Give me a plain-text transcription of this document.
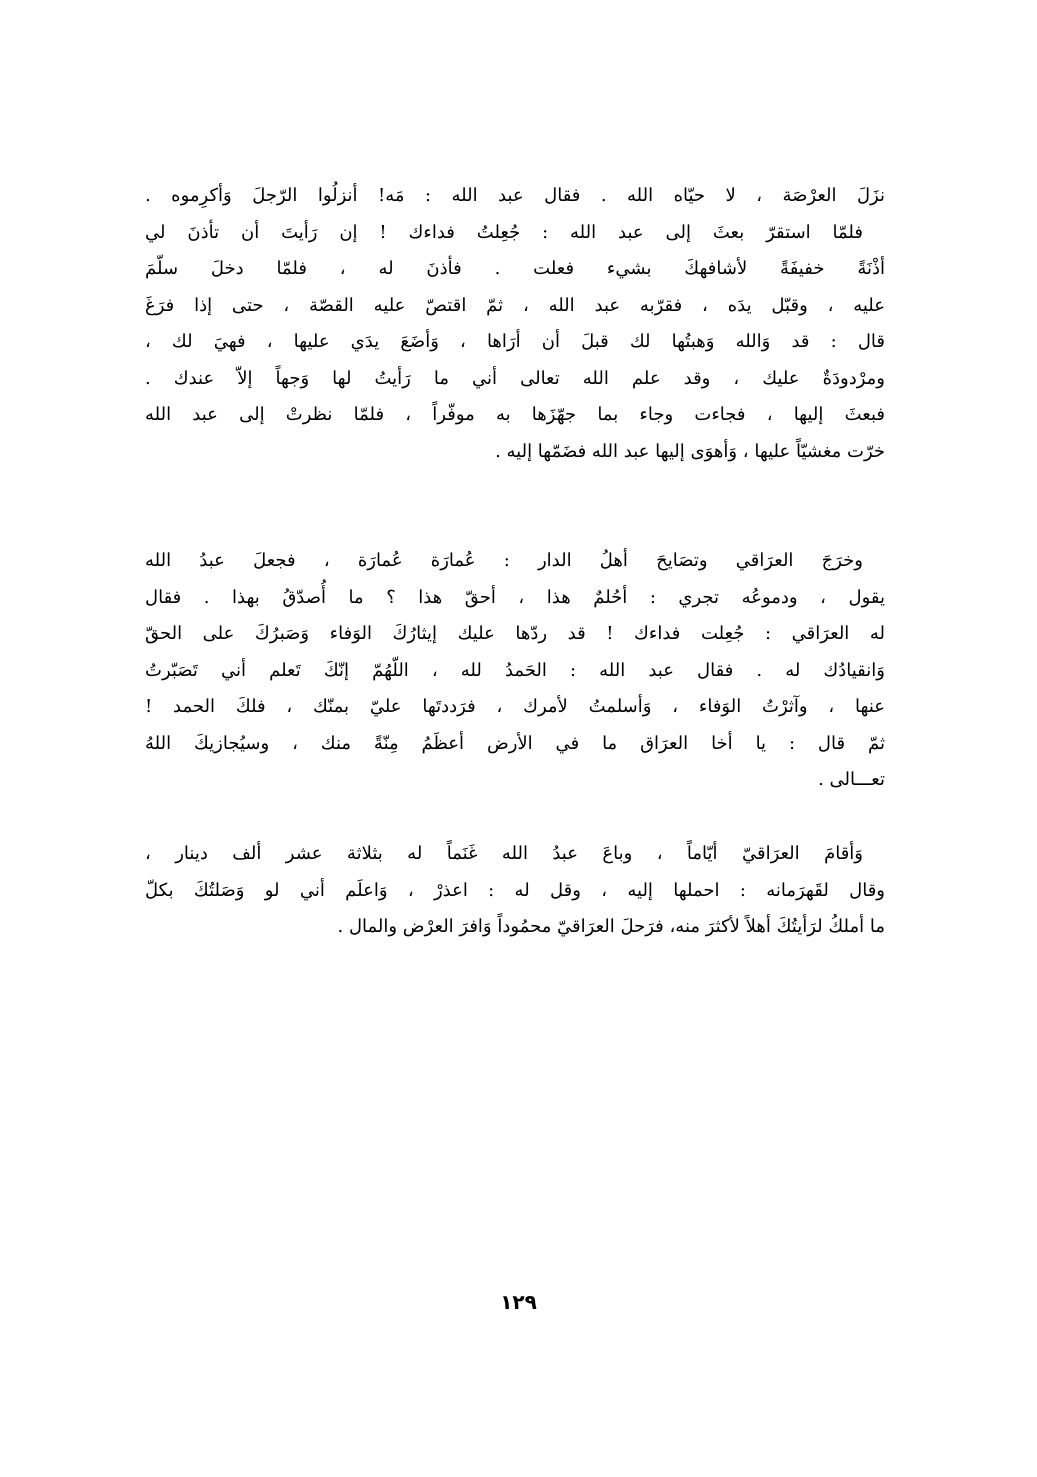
نزَلَ العرْصَة ، لا حيّاه الله . فقال عبد الله : مَه! أنزلُوا الرّجلَ وَأكرِموه .
فلمّا استقرّ بعثَ إلى عبد الله : جُعِلتُ فداءك ! إن رَأيتَ أن تأذنَ لي
أذْنَةً خفيفَةً لأشافهكَ بشيء فعلت . فأذنَ له ، فلمّا دخلَ سلّمَ
عليه ، وقبّل يدَه ، فقرّبه عبد الله ، ثمّ اقتصّ عليه القصّة ، حتى إذا فرَغَ
قال : قد وَالله وَهبتُها لك قبلَ أن أرَاها ، وَأضَعَ يدَي عليها ، فهيَ لك ،
ومرْدودَةٌ عليك ، وقد علم الله تعالى أني ما رَأيتُ لها وَجهاً إلاّ عندك .
فبعثَ إليها ، فجاءت وجاء بما جهّزَها به موفّراً ، فلمّا نظرتْ إلى عبد الله
خرّت مغشيّاً عليها ، وَأهوَى إليها عبد الله فضَمّها إليه .
وخرَجَ العرَاقي وتصَايحَ أهلُ الدار : عُمارَة عُمارَة ، فجعلَ عبدُ الله
يقول ، ودموعُه تجري : أحُلمٌ هذا ، أحقّ هذا ؟ ما أُصدّقُ بهذا . فقال
له العرَاقي : جُعِلت فداءك ! قد ردّها عليك إيثارُكَ الوَفاء وَصَبرُكَ على الحقّ
وَانقيادُك له . فقال عبد الله : الحَمدُ لله ، اللّهُمّ إنّكَ تَعلم أني تَصَبّرتُ
عنها ، وآثرْتُ الوَفاء ، وَأسلمتُ لأمرك ، فرَددتَها عليّ بمنّك ، فلكَ الحمد !
ثمّ قال : يا أخا العرَاق ما في الأرض أعظَمُ مِنّةً منك ، وسيُجازيكَ اللهُ
تعـــالى .
وَأقامَ العرَاقيّ أيّاماً ، وباعَ عبدُ الله غَنَماً له بثلاثة عشر ألف دينار ،
وقال لقَهرَمانه : احملها إليه ، وقل له : اعذرْ ، وَاعلَم أني لو وَصَلتُكَ بكلّ
ما أملكُ لرَأيتُكَ أهلاً لأكثرَ منه، فرَحلَ العرَاقيّ محمُوداً وَافرَ العرْض والمال .
١٢٩
